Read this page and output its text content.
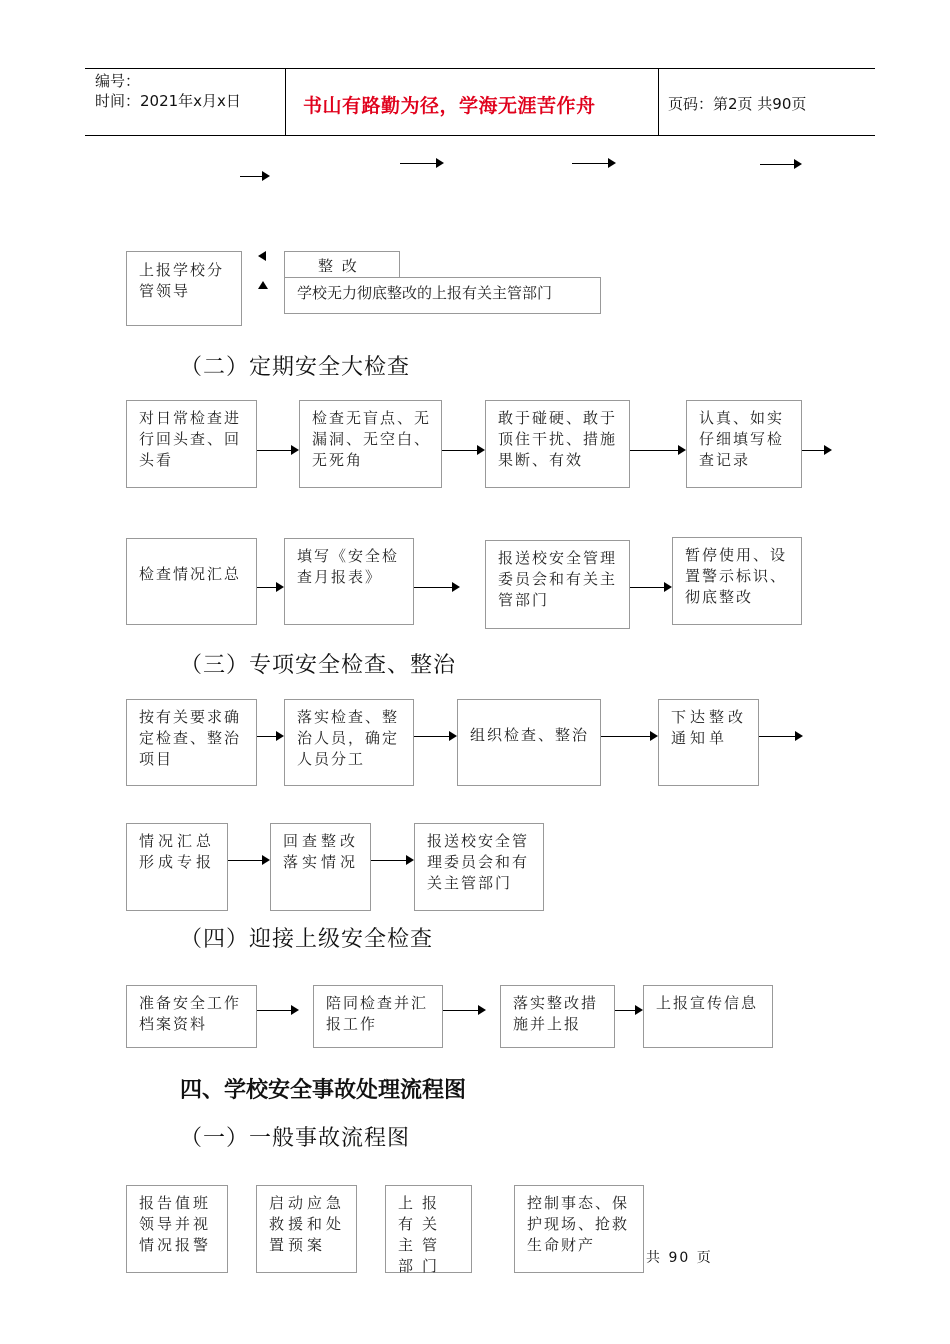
编号：
时间：2021年x月x日	书山有路勤为径，学海无涯苦作舟	页码：第2页 共90页
上报学校分管领导
整 改
学校无力彻底整改的上报有关主管部门
（二）定期安全大检查
对日常检查进行回头查、回头看
检查无盲点、无漏洞、无空白、无死角
敢于碰硬、敢于顶住干扰、措施果断、有效
认真、如实仔细填写检查记录
检查情况汇总
填写《安全检查月报表》
报送校安全管理委员会和有关主管部门
暂停使用、设置警示标识、彻底整改
（三）专项安全检查、整治
按有关要求确定检查、整治项目
落实检查、整治人员，确定人员分工
组织检查、整治
下达整改通知单
情况汇总形成专报
回查整改落实情况
报送校安全管理委员会和有关主管部门
（四）迎接上级安全检查
准备安全工作档案资料
陪同检查并汇报工作
落实整改措施并上报
上报宣传信息
四、学校安全事故处理流程图
（一）一般事故流程图
报告值班领导并视情况报警
启动应急救援和处置预案
上报有关主管部门
控制事态、保护现场、抢救生命财产
共 90 页
